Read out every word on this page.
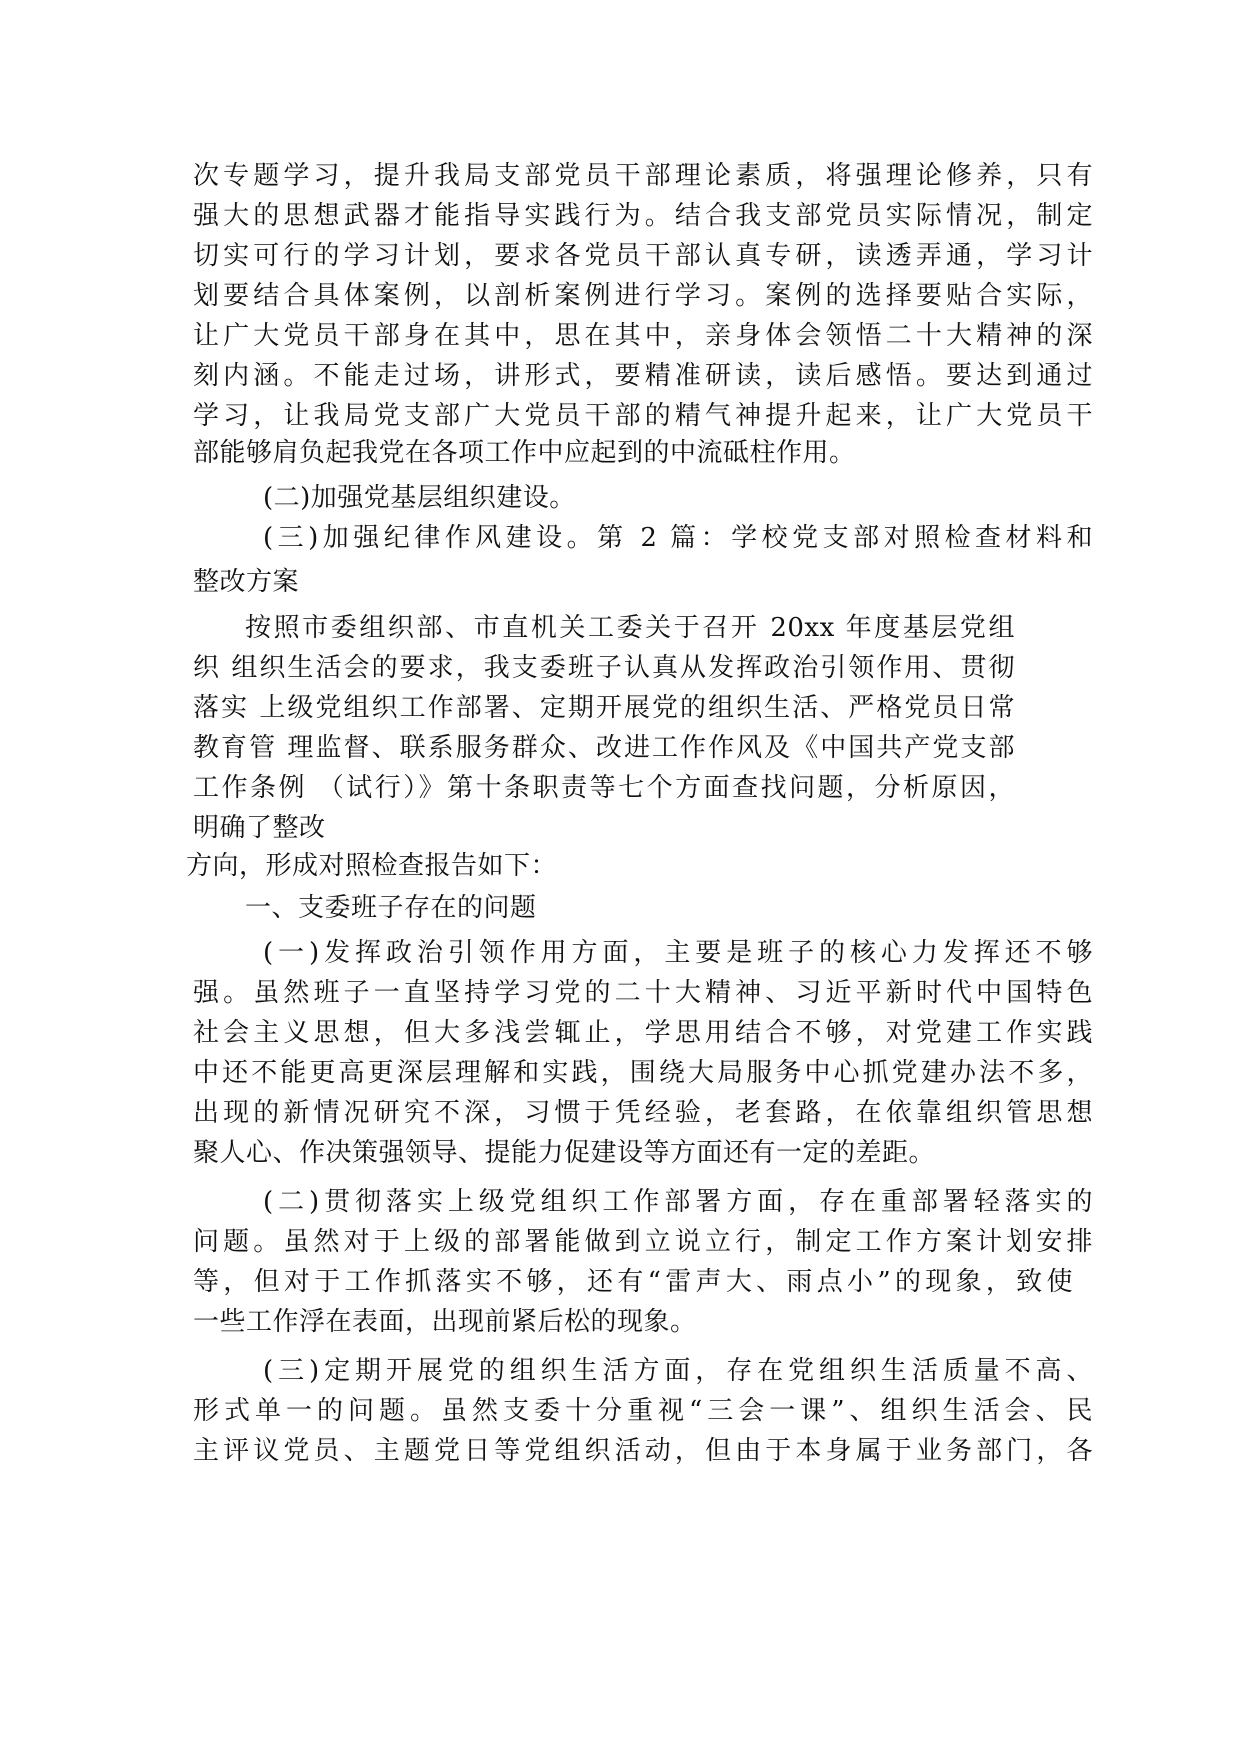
次专题学习，提升我局支部党员干部理论素质，将强理论修养，只有
强大的思想武器才能指导实践行为。结合我支部党员实际情况，制定
切实可行的学习计划，要求各党员干部认真专研，读透弄通，学习计
划要结合具体案例，以剖析案例进行学习。案例的选择要贴合实际，
让广大党员干部身在其中，思在其中，亲身体会领悟二十大精神的深
刻内涵。不能走过场，讲形式，要精准研读，读后感悟。要达到通过
学习，让我局党支部广大党员干部的精气神提升起来，让广大党员干
部能够肩负起我党在各项工作中应起到的中流砥柱作用。
(二)加强党基层组织建设。
(三)加强纪律作风建设。第 2 篇：学校党支部对照检查材料和
整改方案
按照市委组织部、市直机关工委关于召开 20xx 年度基层党组
织 组织生活会的要求，我支委班子认真从发挥政治引领作用、贯彻
落实 上级党组织工作部署、定期开展党的组织生活、严格党员日常
教育管 理监督、联系服务群众、改进工作作风及《中国共产党支部
工作条例 （试行）》第十条职责等七个方面查找问题，分析原因，
明确了整改
方向，形成对照检查报告如下：
一、支委班子存在的问题
(一)发挥政治引领作用方面，主要是班子的核心力发挥还不够
强。虽然班子一直坚持学习党的二十大精神、习近平新时代中国特色
社会主义思想，但大多浅尝辄止，学思用结合不够，对党建工作实践
中还不能更高更深层理解和实践，围绕大局服务中心抓党建办法不多，
出现的新情况研究不深，习惯于凭经验，老套路，在依靠组织管思想
聚人心、作决策强领导、提能力促建设等方面还有一定的差距。
(二)贯彻落实上级党组织工作部署方面，存在重部署轻落实的
问题。虽然对于上级的部署能做到立说立行，制定工作方案计划安排
等，但对于工作抓落实不够，还有“雷声大、雨点小”的现象，致使
一些工作浮在表面，出现前紧后松的现象。
(三)定期开展党的组织生活方面，存在党组织生活质量不高、
形式单一的问题。虽然支委十分重视“三会一课”、组织生活会、民
主评议党员、主题党日等党组织活动，但由于本身属于业务部门，各
